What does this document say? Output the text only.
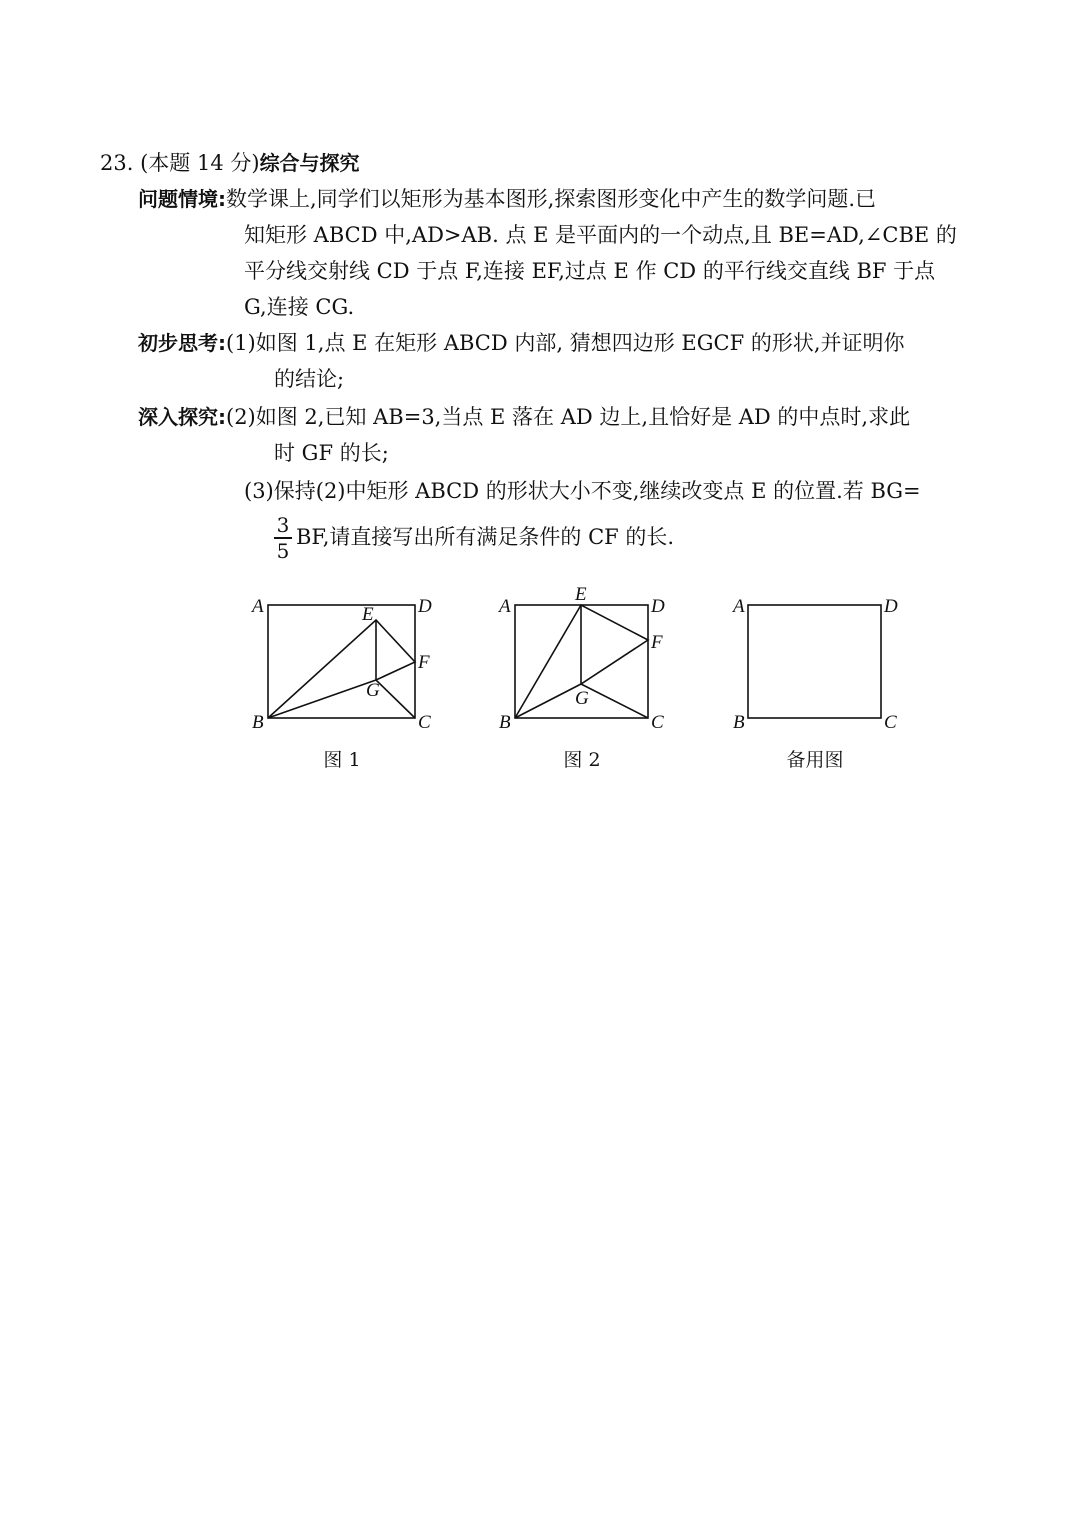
23. (本题 14 分)综合与探究
问题情境:数学课上,同学们以矩形为基本图形,探索图形变化中产生的数学问题.已
知矩形 ABCD 中,AD>AB. 点 E 是平面内的一个动点,且 BE=AD,∠CBE 的
平分线交射线 CD 于点 F,连接 EF,过点 E 作 CD 的平行线交直线 BF 于点
G,连接 CG.
初步思考:(1)如图 1,点 E 在矩形 ABCD 内部, 猜想四边形 EGCF 的形状,并证明你
的结论;
深入探究:(2)如图 2,已知 AB=3,当点 E 落在 AD 边上,且恰好是 AD 的中点时,求此
时 GF 的长;
(3)保持(2)中矩形 ABCD 的形状大小不变,继续改变点 E 的位置.若 BG=
3
5
BF,请直接写出所有满足条件的 CF 的长.
A	D
B	C
E
F
G
A	D
B	C
E
F
G
A	D
B	C
图 1	图 2	备用图
